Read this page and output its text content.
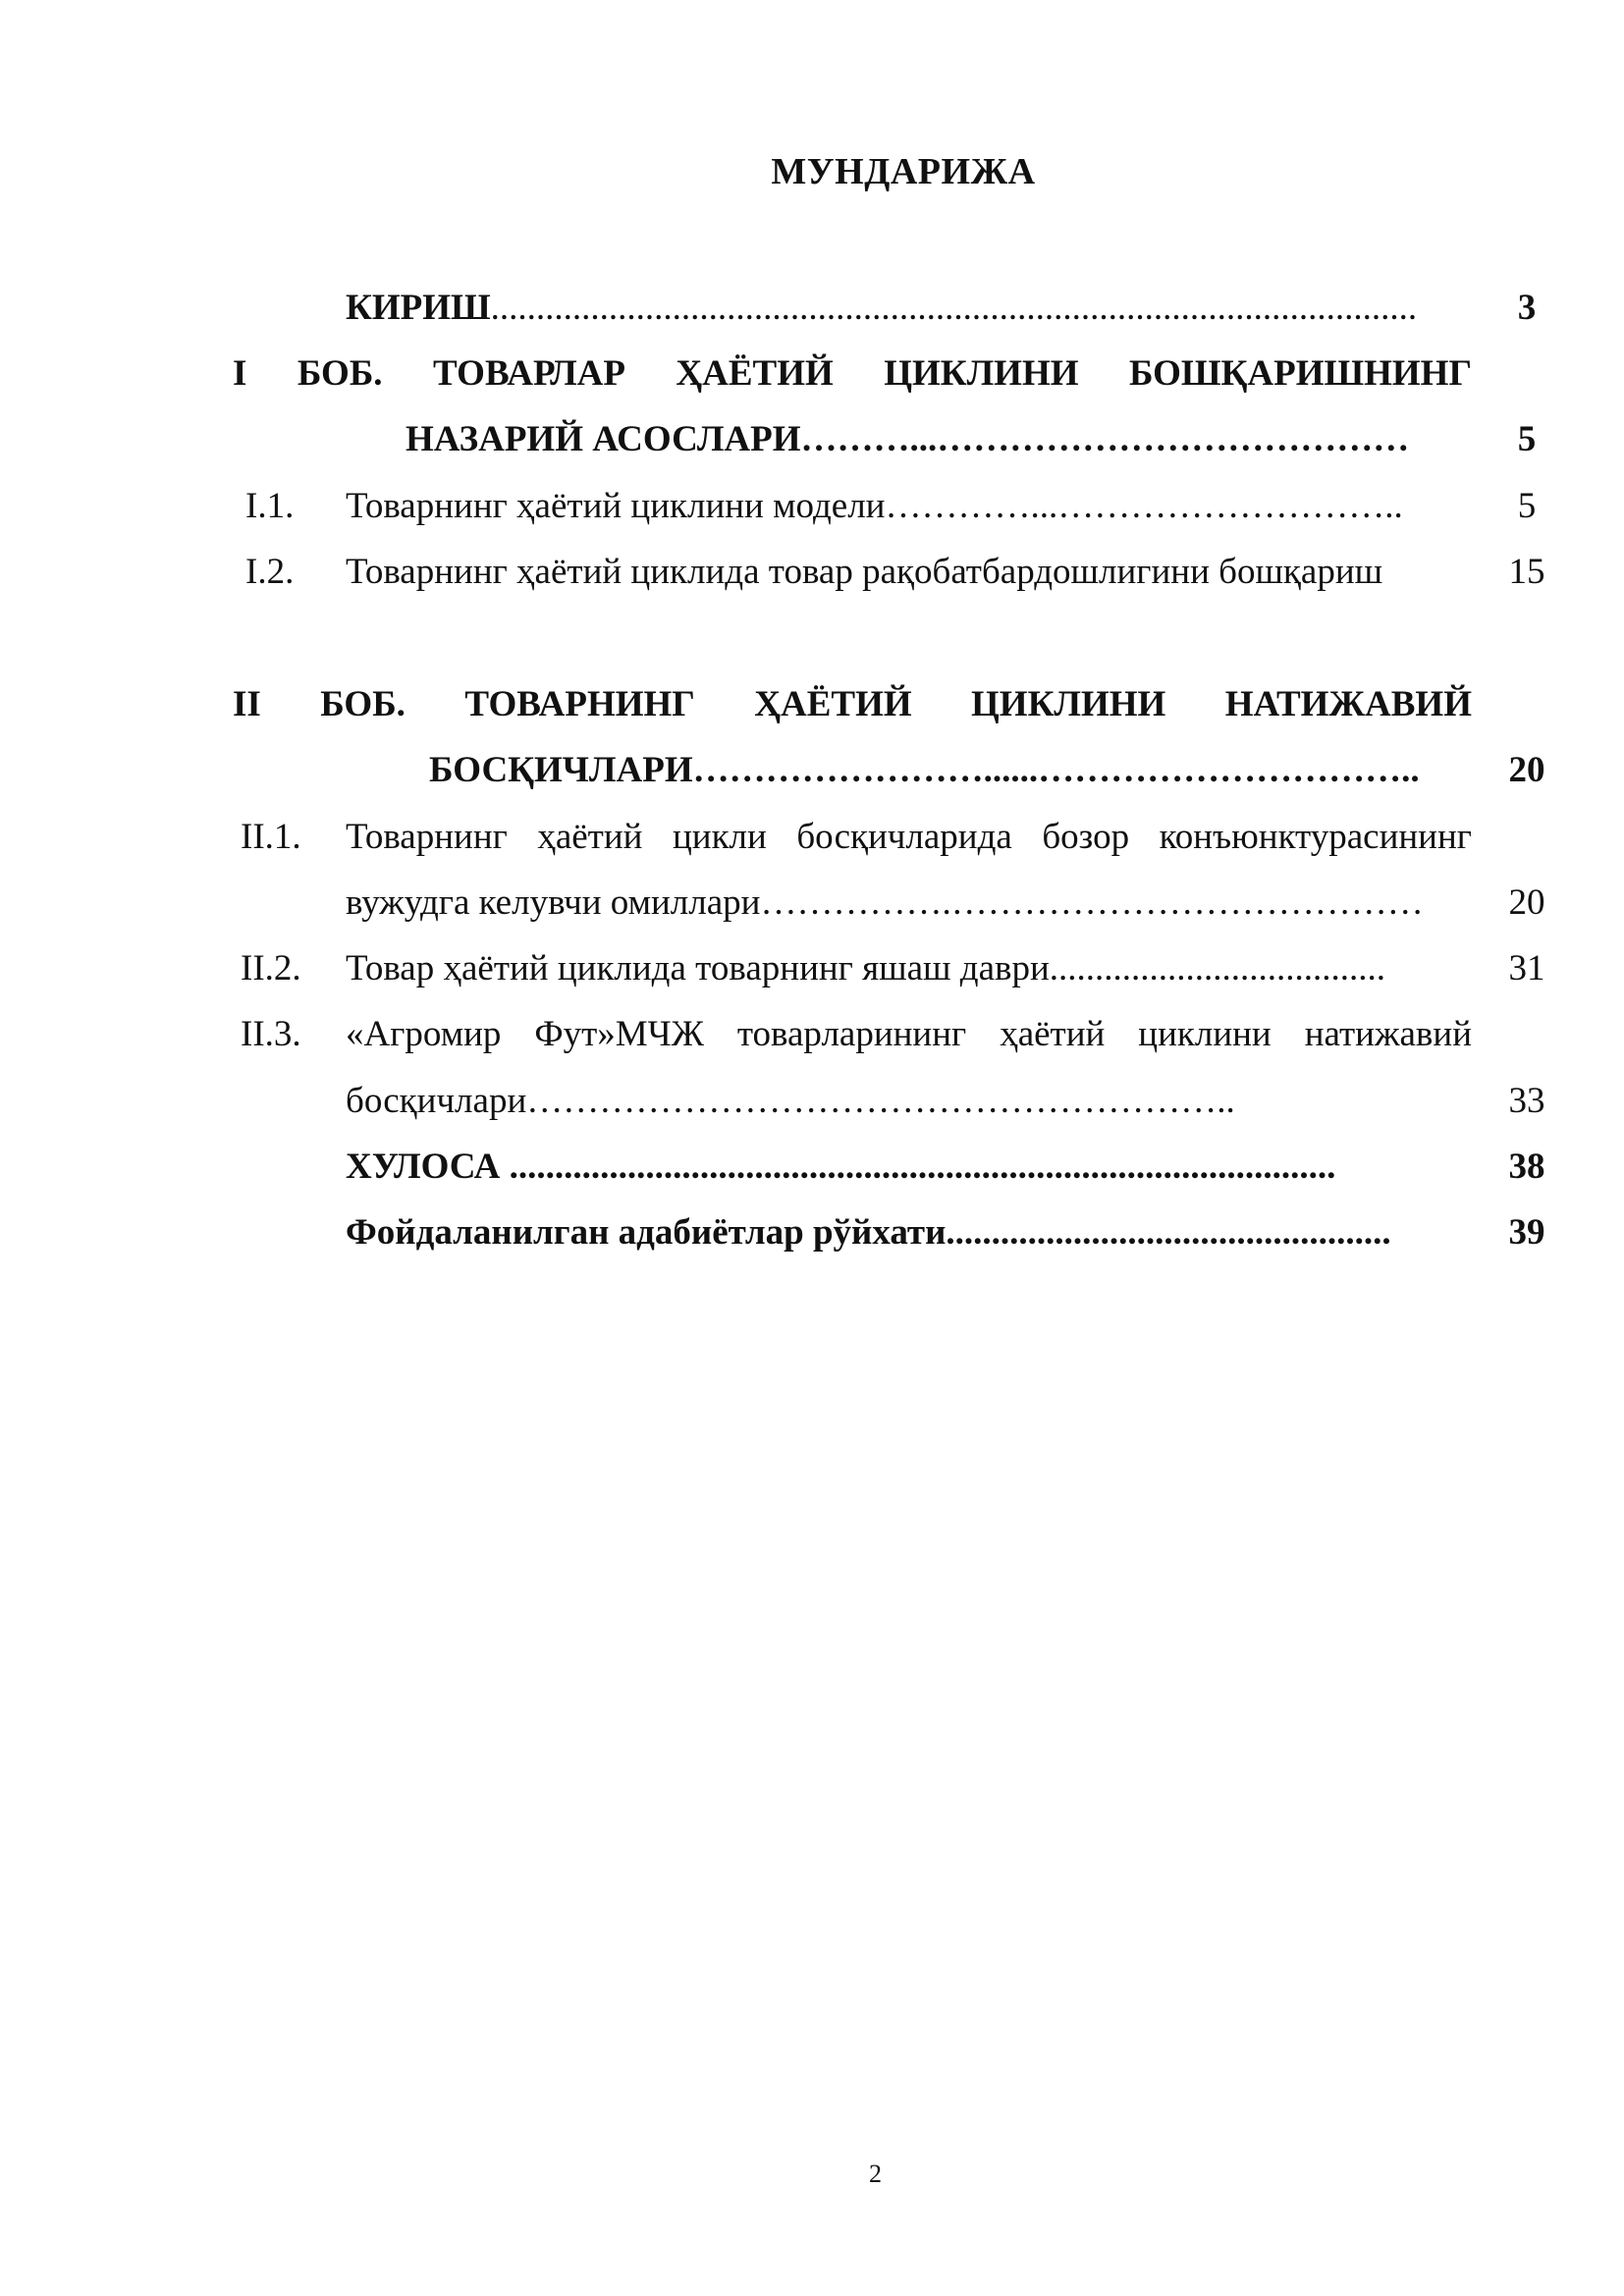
МУНДАРИЖА
КИРИШ......................................................................................................	3
I БОБ. ТОВАРЛАР ҲАЁТИЙ ЦИКЛИНИ БОШҚАРИШНИНГ
НАЗАРИЙ АСОСЛАРИ………...…………………………………	5
I.1. Товарнинг ҳаётий циклини модели…………...………………………..	5
I.2. Товарнинг ҳаётий циклида товар рақобатбардошлигини бошқариш	15
II БОБ. ТОВАРНИНГ ҲАЁТИЙ ЦИКЛИНИ НАТИЖАВИЙ
БОСҚИЧЛАРИ……………………......…………………………..	20
II.1. Товарнинг ҳаётий цикли босқичларида бозор конъюнктурасининг
вужудга келувчи омиллари…………….…………………………………	20
II.2. Товар ҳаётий циклида товарнинг яшаш даври.....................................	31
II.3. «Агромир Фут»МЧЖ товарларининг ҳаётий циклини натижавий
босқичлари…………………………………………………..	33
ХУЛОСА ...........................................................................................	38
Фойдаланилган адабиётлар рўйхати.................................................	39
2
